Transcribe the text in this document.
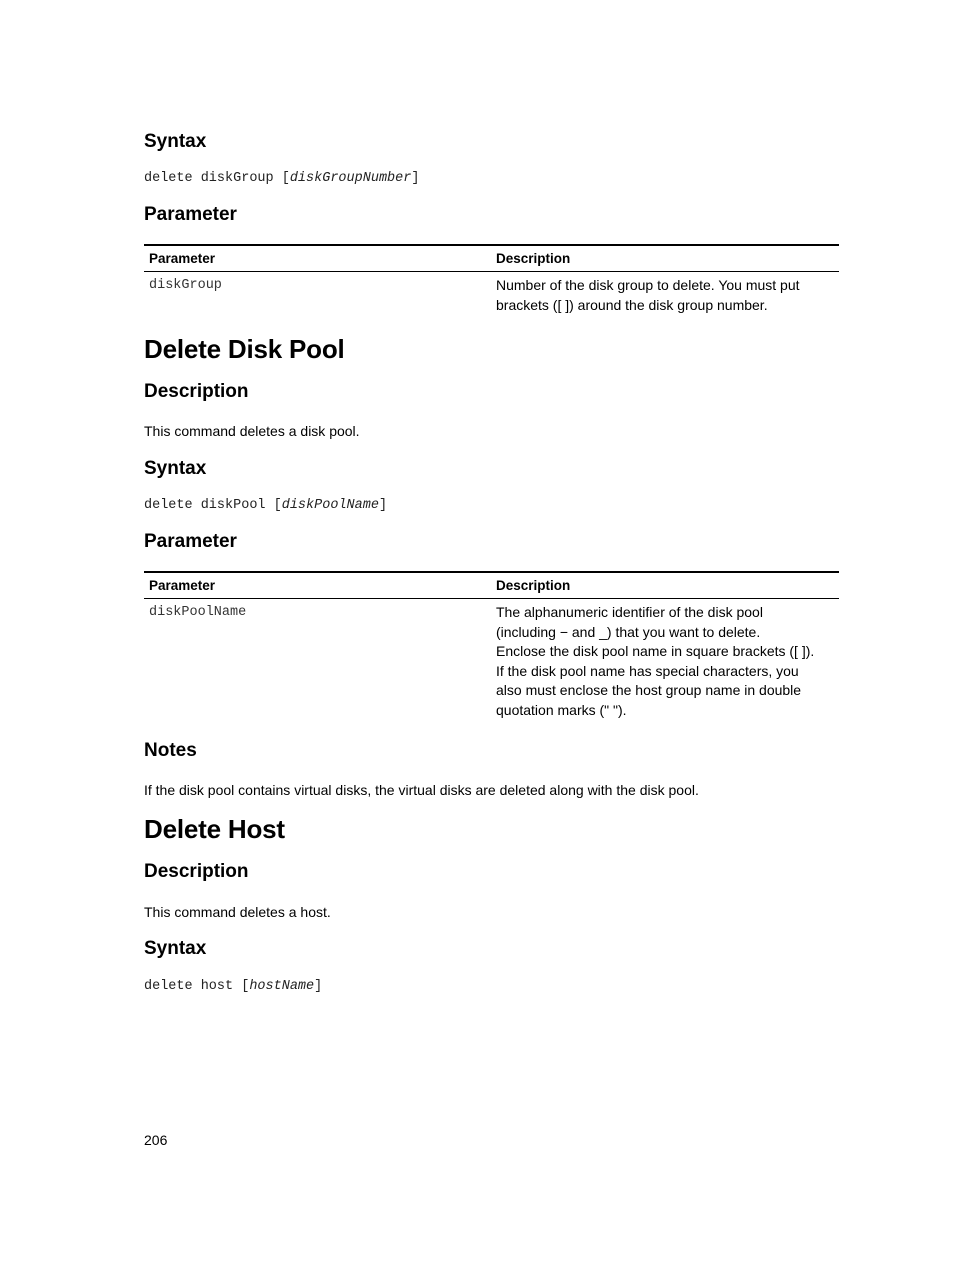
Syntax

delete diskGroup [diskGroupNumber]

Parameter
Parameter	Description
diskGroup	Number of the disk group to delete. You must put
brackets ([ ]) around the disk group number.
Delete Disk Pool
Description

This command deletes a disk pool.

Syntax

delete diskPool [diskPoolName]

Parameter
Parameter	Description
diskPoolName	The alphanumeric identifier of the disk pool
(including − and _) that you want to delete.
Enclose the disk pool name in square brackets ([ ]).
If the disk pool name has special characters, you
also must enclose the host group name in double
quotation marks (" ").
Notes

If the disk pool contains virtual disks, the virtual disks are deleted along with the disk pool.

Delete Host
Description

This command deletes a host.

Syntax

delete host [hostName]

206
